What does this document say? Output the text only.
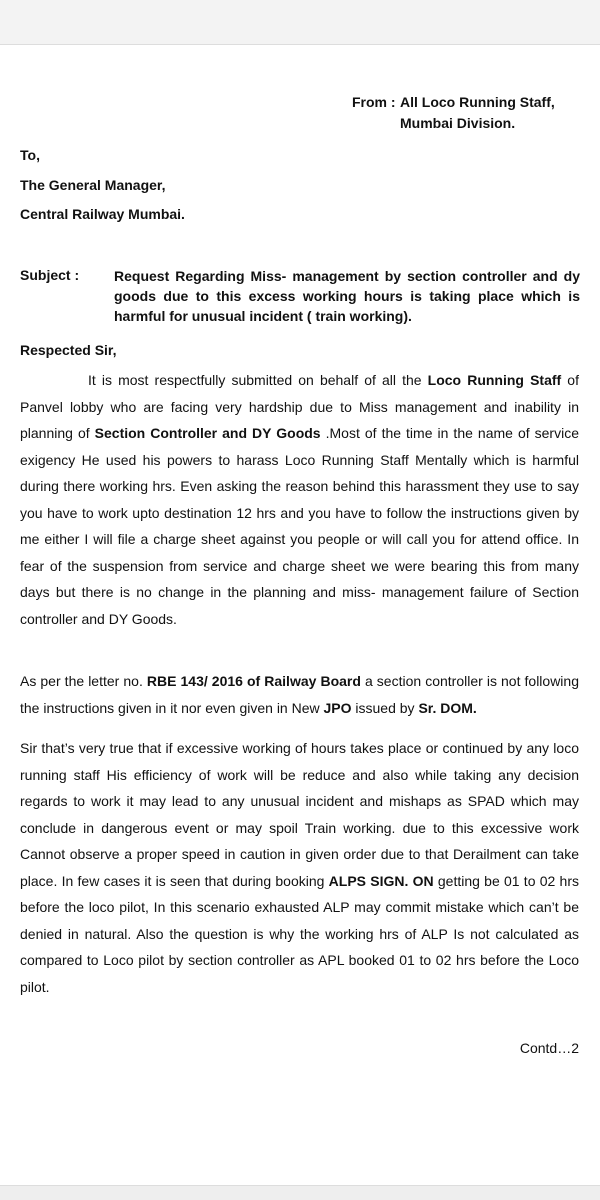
From : All Loco Running Staff,
Mumbai Division.
To,
The General Manager,
Central Railway Mumbai.
Subject : Request Regarding Miss- management by section controller and dy goods due to this excess working hours is taking place which is harmful for unusual incident ( train working).
Respected Sir,

It is most respectfully submitted on behalf of all the Loco Running Staff of Panvel lobby who are facing very hardship due to Miss management and inability in planning of Section Controller and DY Goods .Most of the time in the name of service exigency He used his powers to harass Loco Running Staff Mentally which is harmful during there working hrs. Even asking the reason behind this harassment they use to say you have to work upto destination 12 hrs and you have to follow the instructions given by me either I will file a charge sheet against you people or will call you for attend office. In fear of the suspension from service and charge sheet we were bearing this from many days but there is no change in the planning and miss- management failure of Section controller and DY Goods.

As per the letter no. RBE 143/ 2016 of Railway Board a section controller is not following the instructions given in it nor even given in New JPO issued by Sr. DOM.

Sir that’s very true that if excessive working of hours takes place or continued by any loco running staff His efficiency of work will be reduce and also while taking any decision regards to work it may lead to any unusual incident and mishaps as SPAD which may conclude in dangerous event or may spoil Train working. due to this excessive work Cannot observe a proper speed in caution in given order due to that Derailment can take place. In few cases it is seen that during booking ALPS SIGN. ON getting be 01 to 02 hrs before the loco pilot, In this scenario exhausted ALP may commit mistake which can’t be denied in natural. Also the question is why the working hrs of ALP Is not calculated as compared to Loco pilot by section controller as APL booked 01 to 02 hrs before the Loco pilot.

Contd…2
